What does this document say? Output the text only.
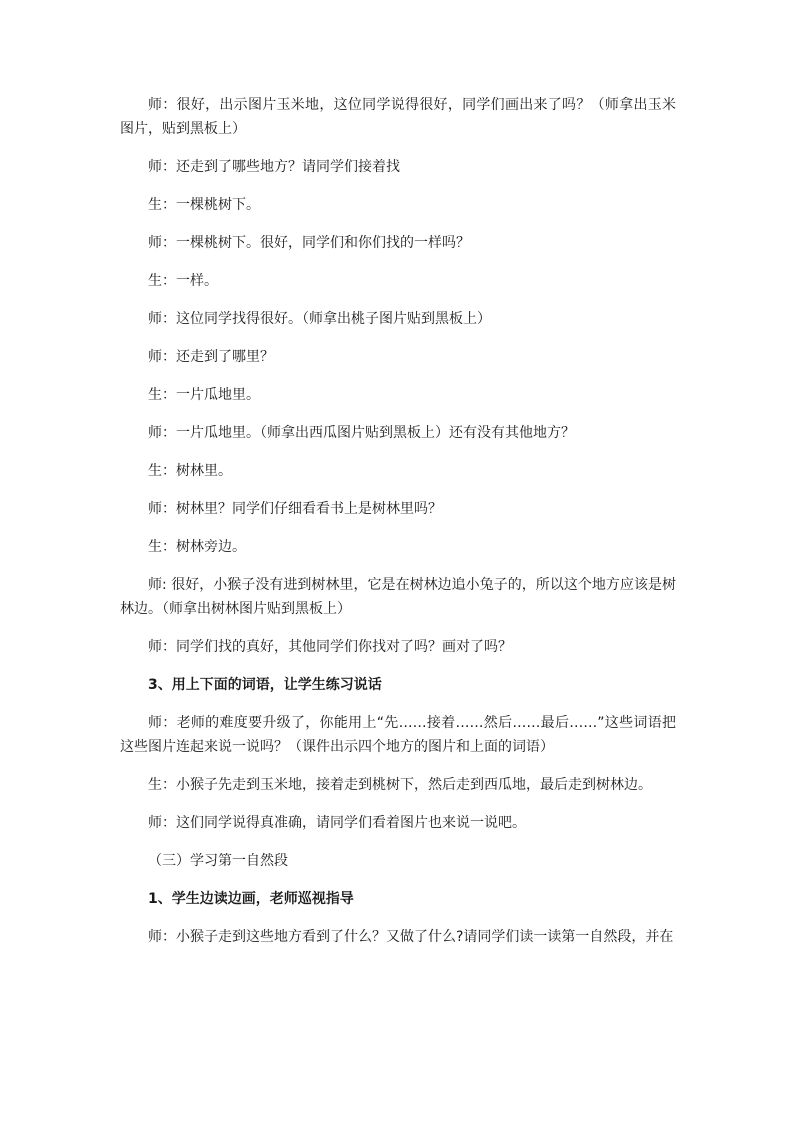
师：很好，出示图片玉米地，这位同学说得很好，同学们画出来了吗？（师拿出玉米图片，贴到黑板上）

师：还走到了哪些地方？请同学们接着找

生：一棵桃树下。

师：一棵桃树下。很好，同学们和你们找的一样吗？

生：一样。

师：这位同学找得很好。（师拿出桃子图片贴到黑板上）

师：还走到了哪里？

生：一片瓜地里。

师：一片瓜地里。（师拿出西瓜图片贴到黑板上）还有没有其他地方？

生：树林里。

师：树林里？同学们仔细看看书上是树林里吗？

生：树林旁边。

师: 很好，小猴子没有进到树林里，它是在树林边追小兔子的，所以这个地方应该是树林边。（师拿出树林图片贴到黑板上）

师：同学们找的真好，其他同学们你找对了吗？画对了吗？

3、用上下面的词语，让学生练习说话

师：老师的难度要升级了，你能用上“先……接着……然后……最后……”这些词语把这些图片连起来说一说吗？（课件出示四个地方的图片和上面的词语）

生：小猴子先走到玉米地，接着走到桃树下，然后走到西瓜地，最后走到树林边。

师：这们同学说得真准确，请同学们看着图片也来说一说吧。

（三）学习第一自然段

1、学生边读边画，老师巡视指导

师：小猴子走到这些地方看到了什么？又做了什么?请同学们读一读第一自然段，并在
